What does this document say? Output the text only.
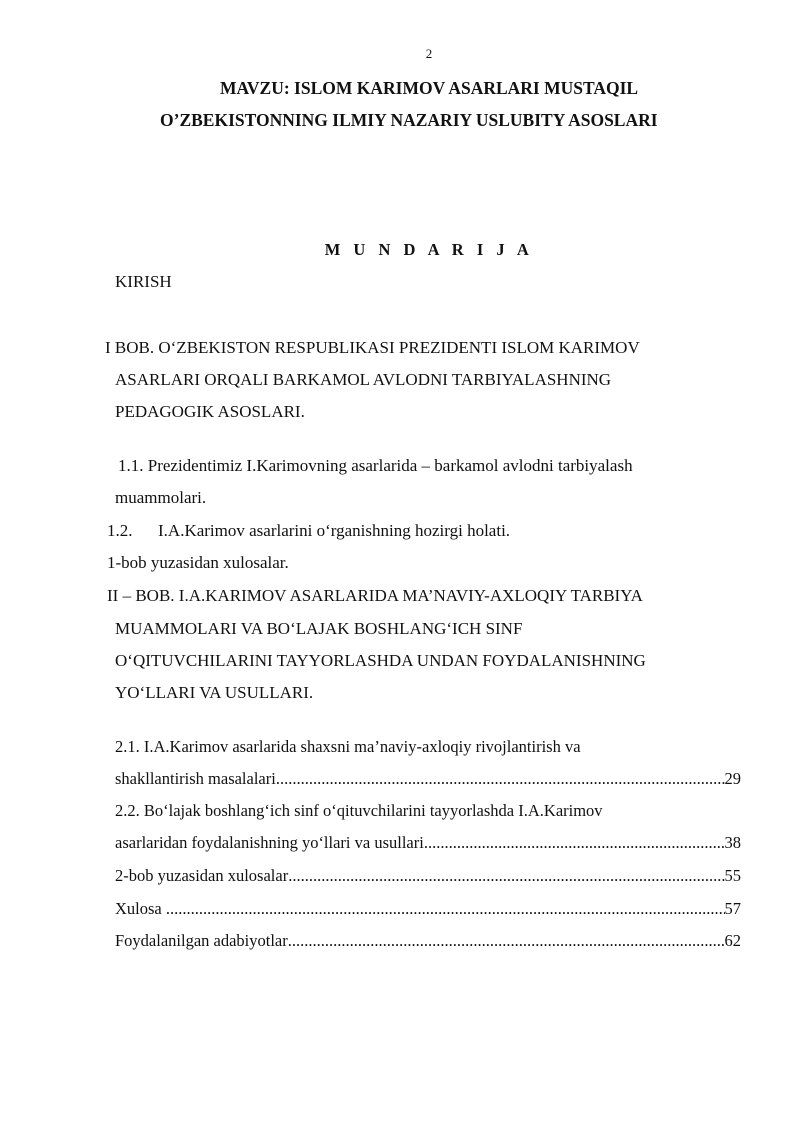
2
MAVZU: ISLOM KARIMOV ASARLARI MUSTAQIL
O’ZBEKISTONNING ILMIY NAZARIY USLUBITY ASOSLARI
M U N D A R I J A
KIRISH
I BOB. O‘ZBEKISTON RESPUBLIKASI PREZIDENTI ISLOM KARIMOV
ASARLARI ORQALI BARKAMOL AVLODNI TARBIYALASHNING
PEDAGOGIK ASOSLARI.
1.1. Prezidentimiz I.Karimovning asarlarida – barkamol avlodni tarbiyalash
muammolari.
1.2.      I.A.Karimov asarlarini o‘rganishning hozirgi holati.
1-bob yuzasidan xulosalar.
II – BOB. I.A.KARIMOV ASARLARIDA MA’NAVIY-AXLOQIY TARBIYA
MUAMMOLARI VA BO‘LAJAK BOSHLANG‘ICH SINF
O‘QITUVCHILARINI TAYYORLASHDA UNDAN FOYDALANISHNING
YO‘LLARI VA USULLARI.
2.1. I.A.Karimov asarlarida shaxsni ma’naviy-axloqiy rivojlantirish va
shakllantirish masalalari .....	29
2.2. Bo‘lajak boshlang‘ich sinf o‘qituvchilarini tayyorlashda I.A.Karimov
asarlaridan foydalanishning yo‘llari va usullari .....	38
2-bob yuzasidan xulosalar .....	55
Xulosa .....	57
Foydalanilgan adabiyotlar .....	62
